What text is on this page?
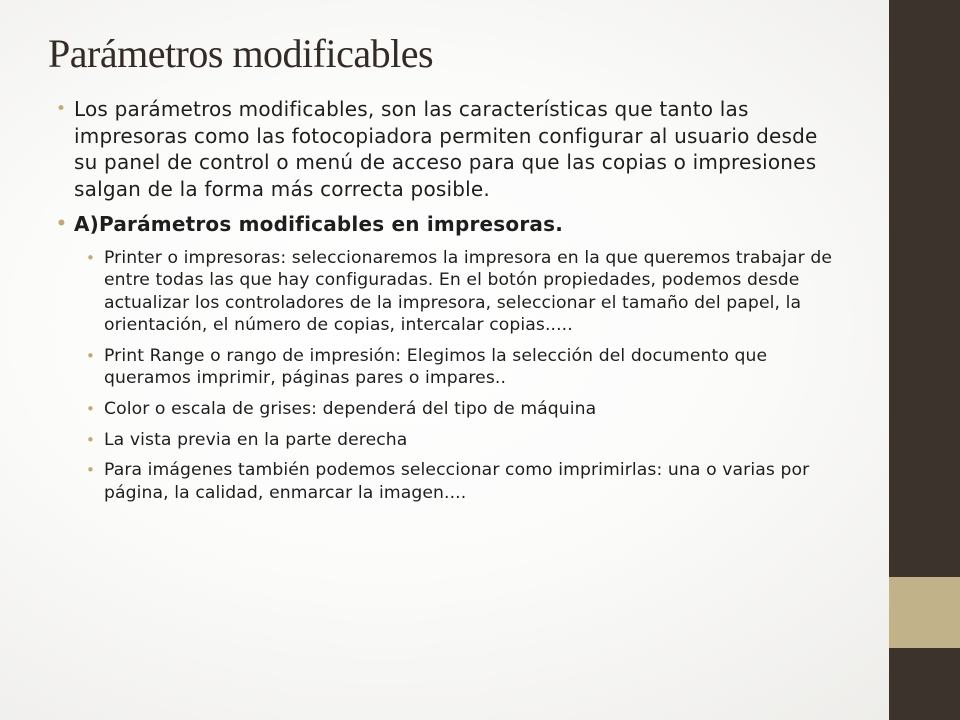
Parámetros modificables
• Los parámetros modificables, son las características que tanto las impresoras como las fotocopiadora permiten configurar al usuario desde su panel de control o menú de acceso para que las copias o impresiones salgan de la forma más correcta posible.
• A)Parámetros modificables en impresoras.
• Printer o impresoras: seleccionaremos la impresora en la que queremos trabajar de entre todas las que hay configuradas. En el botón propiedades, podemos desde actualizar los controladores de la impresora, seleccionar el tamaño del papel, la orientación, el número de copias, intercalar copias.....
• Print Range o rango de impresión: Elegimos la selección del documento que queramos imprimir, páginas pares o impares..
• Color o escala de grises: dependerá del tipo de máquina
• La vista previa en la parte derecha
• Para imágenes también podemos seleccionar como imprimirlas: una o varias por página, la calidad, enmarcar la imagen....
